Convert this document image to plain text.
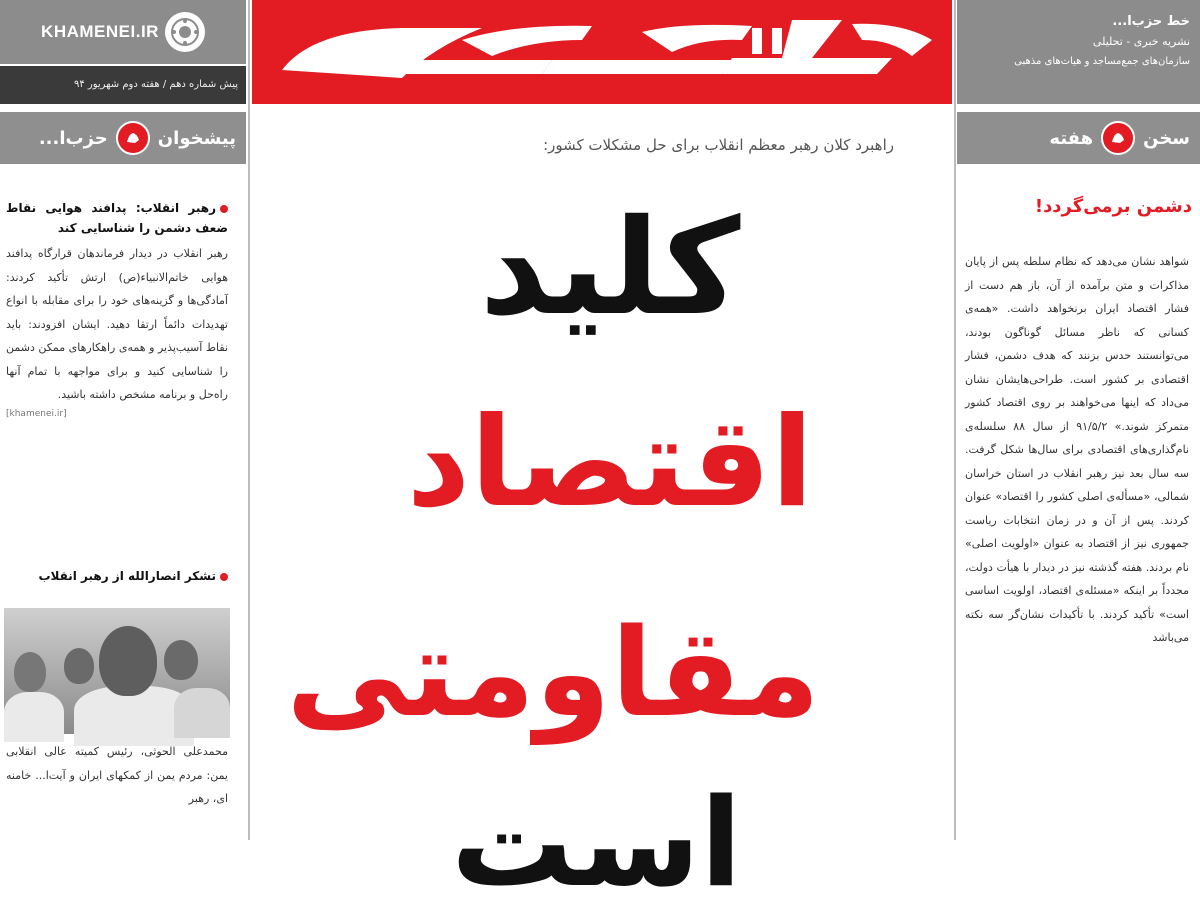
KHAMENEI.IR
پیش شماره دهم ‌/ هفته دوم شهریور ۹۴
پیشخوان
حزب‌ا...
رهبر انقلاب: پدافند هوایی نقاط ضعف دشمن را شناسایی کند

رهبر انقلاب در دیدار فرماندهان قرارگاه پدافند هوایی خاتم‌الانبیاء(ص) ارتش تأکید کردند: آمادگی‌ها و گزینه‌های خود را برای مقابله با انواع تهدیدات دائماً ارتقا دهید. ایشان افزودند: باید نقاط آسیب‌پذیر و همه‌ی راهکارهای ممکن دشمن را شناسایی کنید و برای مواجهه با تمام آنها راه‌حل و برنامه مشخص داشته باشید.

[khamenei.ir]
تشکر انصارالله از رهبر انقلاب

محمدعلی الحوثی، رئیس کمیته عالی انقلابی یمن: مردم یمن از کمکهای ایران و آیت‌ا... خامنه ای، رهبر

راهبرد کلان رهبر معظم انقلاب برای حل مشکلات کشور:
کلید
اقتصاد
مقاومتی
است
خط حزب‌ا...
نشریه خبری - تحلیلی
سازمان‌های جمع‌مساجد و هیات‌های مذهبی
سخن
هفته
دشمن برمی‌گردد!

شواهد نشان می‌دهد که نظام سلطه پس از پایان مذاکرات و متن برآمده از آن، باز هم دست از فشار اقتصاد ایران برنخواهد داشت. «همه‌ی کسانی که ناظر مسائل گوناگون بودند، می‌توانستند حدس بزنند که هدف دشمن، فشار اقتصادی بر کشور است. طراحی‌هایشان نشان می‌داد که اینها می‌خواهند بر روی اقتصاد کشور متمرکز شوند.» ۹۱/۵/۲ از سال ۸۸ سلسله‌ی نام‌گذاری‌های اقتصادی برای سال‌ها شکل گرفت. سه سال بعد نیز رهبر انقلاب در استان خراسان شمالی، «مسأله‌ی اصلی کشور را اقتصاد» عنوان کردند. پس از آن و در زمان انتخابات ریاست جمهوری نیز از اقتصاد به عنوان «اولویت اصلی» نام بردند. هفته گذشته نیز در دیدار با هیأت دولت، مجدداً بر اینکه «مسئله‌ی اقتصاد، اولویت اساسی است» تأکید کردند. با تأکیدات نشان‌گر سه نکته می‌باشد
